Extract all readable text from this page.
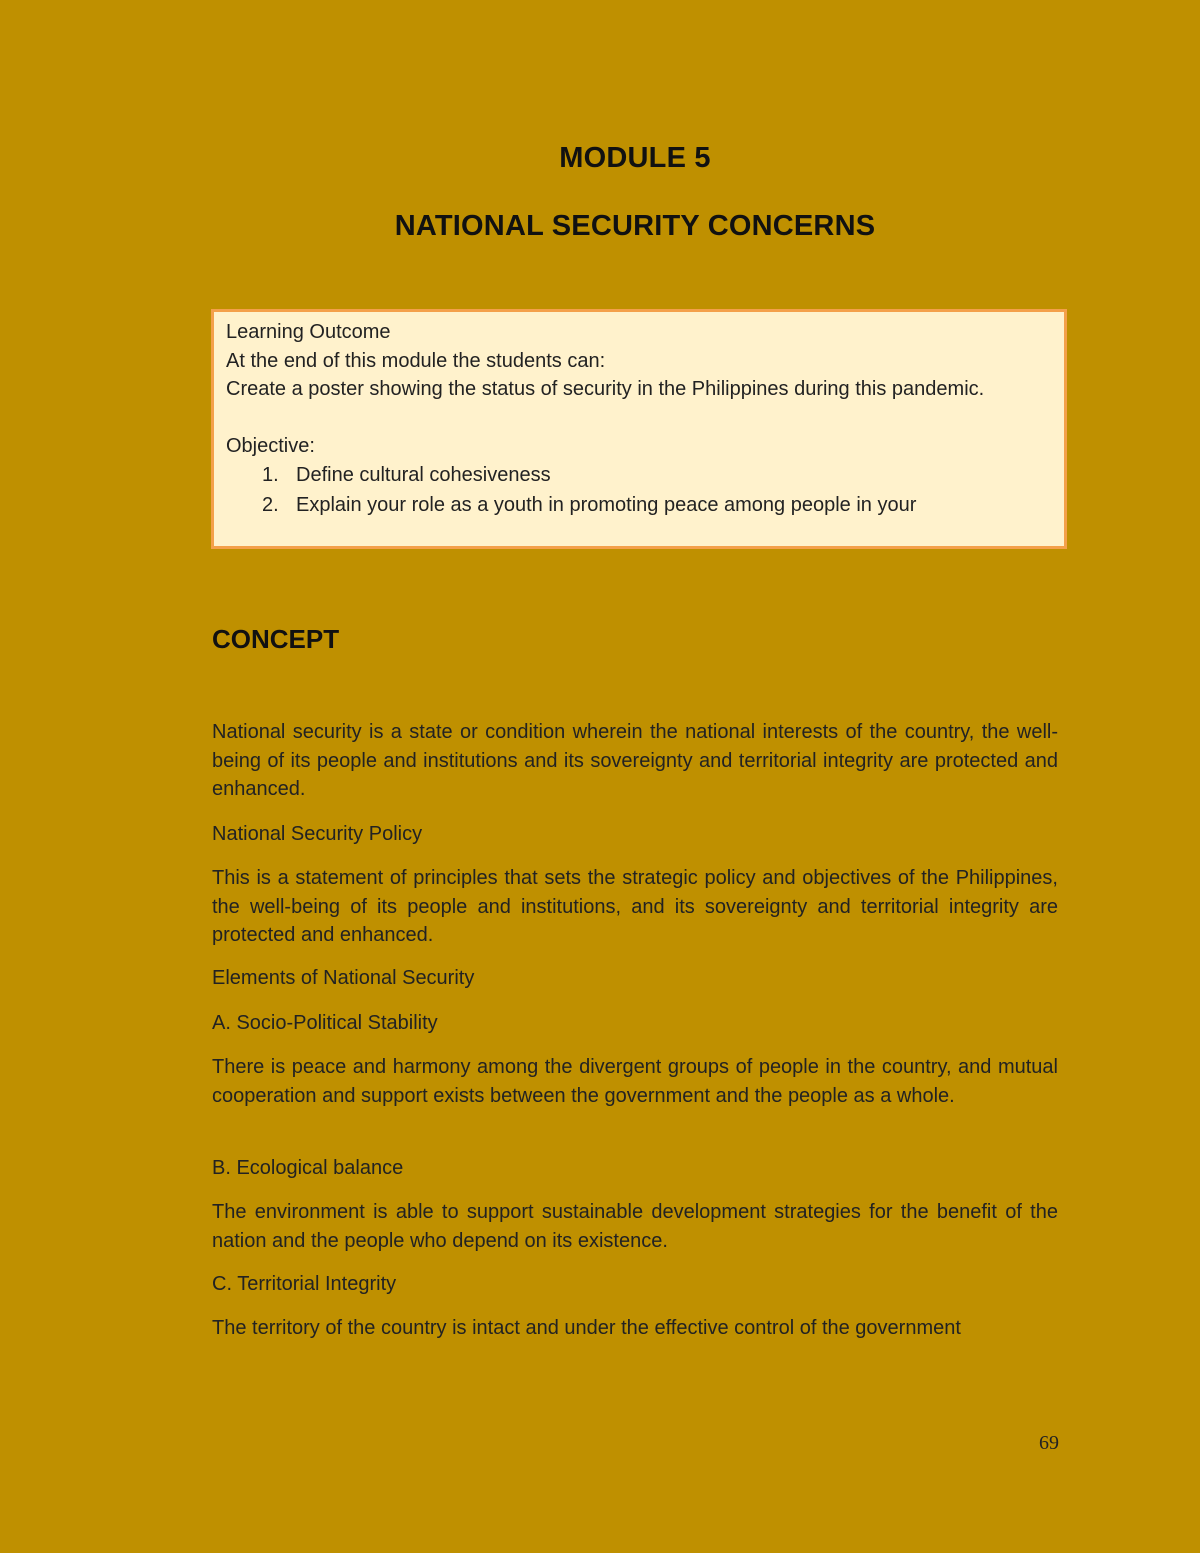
MODULE 5
NATIONAL SECURITY CONCERNS

Learning Outcome

At the end of this module the students can:

Create a poster showing the status of security in the Philippines during this pandemic.

Objective:

1. Define cultural cohesiveness
2. Explain your role as a youth in promoting peace among people in your
CONCEPT

National security is a state or condition wherein the national interests of the country, the well-being of its people and institutions and its sovereignty and territorial integrity are protected and enhanced.

National Security Policy

This is a statement of principles that sets the strategic policy and objectives of the Philippines, the well-being of its people and institutions, and its sovereignty and territorial integrity are protected and enhanced.

Elements of National Security

A. Socio-Political Stability

There is peace and harmony among the divergent groups of people in the country, and mutual cooperation and support exists between the government and the people as a whole.

B. Ecological balance

The environment is able to support sustainable development strategies for the benefit of the nation and the people who depend on its existence.

C. Territorial Integrity

The territory of the country is intact and under the effective control of the government

69
